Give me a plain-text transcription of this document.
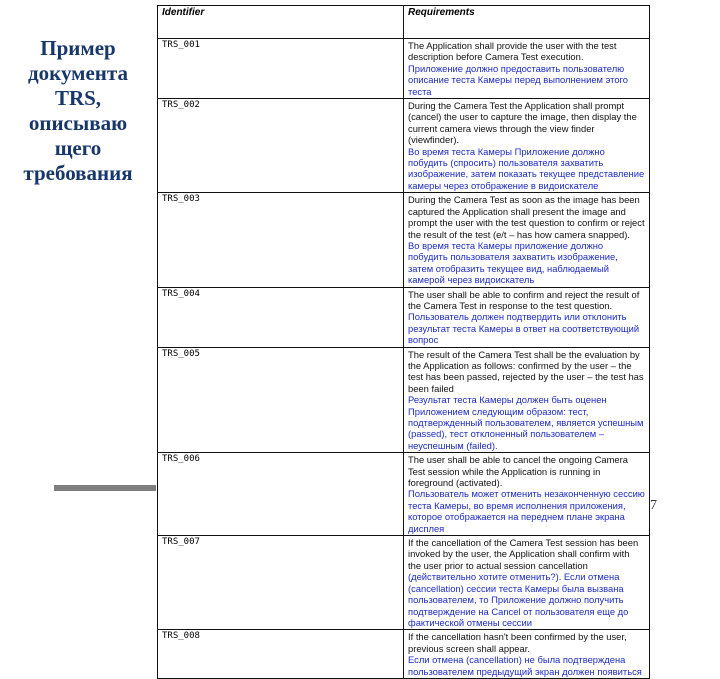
Пример
документа
TRS,
описываю
щего
требования
7
Identifier	Requirements
TRS_001	The Application shall provide the user with the test description before Camera Test execution.
Приложение должно предоставить пользователю описание теста Камеры перед выполнением этого теста

TRS_002	During the Camera Test the Application shall prompt (cancel) the user to capture the image, then display the current camera views through the view finder (viewfinder).
Во время теста Камеры Приложение должно побудить (спросить) пользователя захватить изображение, затем показать текущее представление камеры через отображение в видоискателе

TRS_003	During the Camera Test as soon as the image has been captured the Application shall present the image and prompt the user with the test question to confirm or reject the result of the test (e/t – has how camera snapped).
Во время теста Камеры приложение должно побудить пользователя захватить изображение, затем отобразить текущее вид, наблюдаемый камерой через видоискатель

TRS_004	The user shall be able to confirm and reject the result of the Camera Test in response to the test question.
Пользователь должен подтвердить или отклонить результат теста Камеры в ответ на соответствующий вопрос

TRS_005	The result of the Camera Test shall be the evaluation by the Application as follows: confirmed by the user – the test has been passed, rejected by the user – the test has been failed
Результат теста Камеры должен быть оценен Приложением следующим образом: тест, подтвержденный пользователем, является успешным (passed), тест отклоненный пользователем – неуспешным (failed).

TRS_006	The user shall be able to cancel the ongoing Camera Test session while the Application is running in foreground (activated).
Пользователь может отменить незаконченную сессию теста Камеры, во время исполнения приложения, которое отображается на переднем плане экрана дисплея

TRS_007	If the cancellation of the Camera Test session has been invoked by the user, the Application shall confirm with the user prior to actual session cancellation
(действительно хотите отменить?). Если отмена (cancellation) сессии теста Камеры была вызвана пользователем, то Приложение должно получить подтверждение на Cancel от пользователя еще до фактической отмены сессии

TRS_008	If the cancellation hasn't been confirmed by the user, previous screen shall appear.
Если отмена (cancellation) не была подтверждена пользователем предыдущий экран должен появиться
